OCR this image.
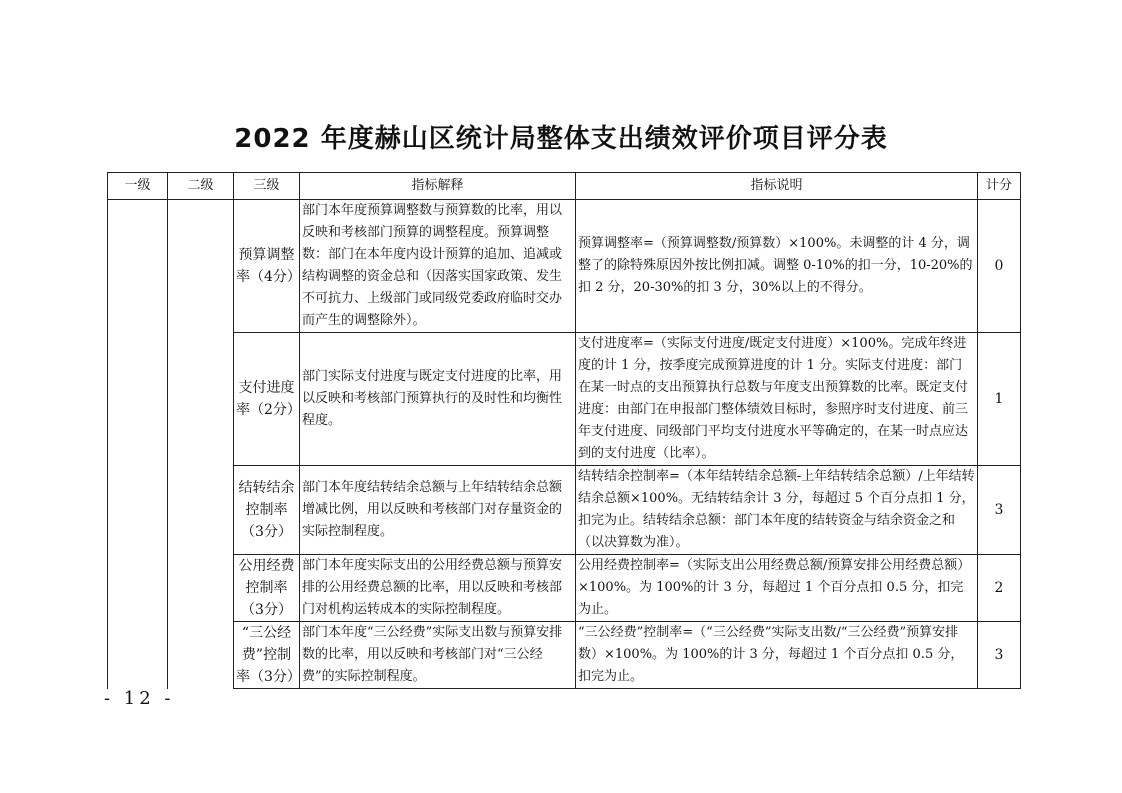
2022 年度赫山区统计局整体支出绩效评价项目评分表
一级	二级	三级	指标解释	指标说明	计分
		预算调整率（4分）	部门本年度预算调整数与预算数的比率，用以反映和考核部门预算的调整程度。预算调整数：部门在本年度内设计预算的追加、追减或结构调整的资金总和（因落实国家政策、发生不可抗力、上级部门或同级党委政府临时交办而产生的调整除外）。	预算调整率=（预算调整数/预算数）×100%。未调整的计 4 分，调整了的除特殊原因外按比例扣减。调整 0-10%的扣一分，10-20%的扣 2 分，20-30%的扣 3 分，30%以上的不得分。	0
		支付进度率（2分）	部门实际支付进度与既定支付进度的比率，用以反映和考核部门预算执行的及时性和均衡性程度。	支付进度率=（实际支付进度/既定支付进度）×100%。完成年终进度的计 1 分，按季度完成预算进度的计 1 分。实际支付进度：部门在某一时点的支出预算执行总数与年度支出预算数的比率。既定支付进度：由部门在申报部门整体绩效目标时，参照序时支付进度、前三年支付进度、同级部门平均支付进度水平等确定的，在某一时点应达到的支付进度（比率）。	1
		结转结余控制率（3分）	部门本年度结转结余总额与上年结转结余总额增减比例，用以反映和考核部门对存量资金的实际控制程度。	结转结余控制率=（本年结转结余总额-上年结转结余总额）/上年结转结余总额×100%。无结转结余计 3 分，每超过 5 个百分点扣 1 分，扣完为止。结转结余总额：部门本年度的结转资金与结余资金之和（以决算数为准）。	3
		公用经费控制率（3分）	部门本年度实际支出的公用经费总额与预算安排的公用经费总额的比率，用以反映和考核部门对机构运转成本的实际控制程度。	公用经费控制率=（实际支出公用经费总额/预算安排公用经费总额）×100%。为 100%的计 3 分，每超过 1 个百分点扣 0.5 分，扣完为止。	2
		“三公经费”控制率（3分）	部门本年度“三公经费”实际支出数与预算安排数的比率，用以反映和考核部门对“三公经费”的实际控制程度。	“三公经费”控制率=（“三公经费”实际支出数/“三公经费”预算安排数）×100%。为 100%的计 3 分，每超过 1 个百分点扣 0.5 分，扣完为止。	3
- 12 -
